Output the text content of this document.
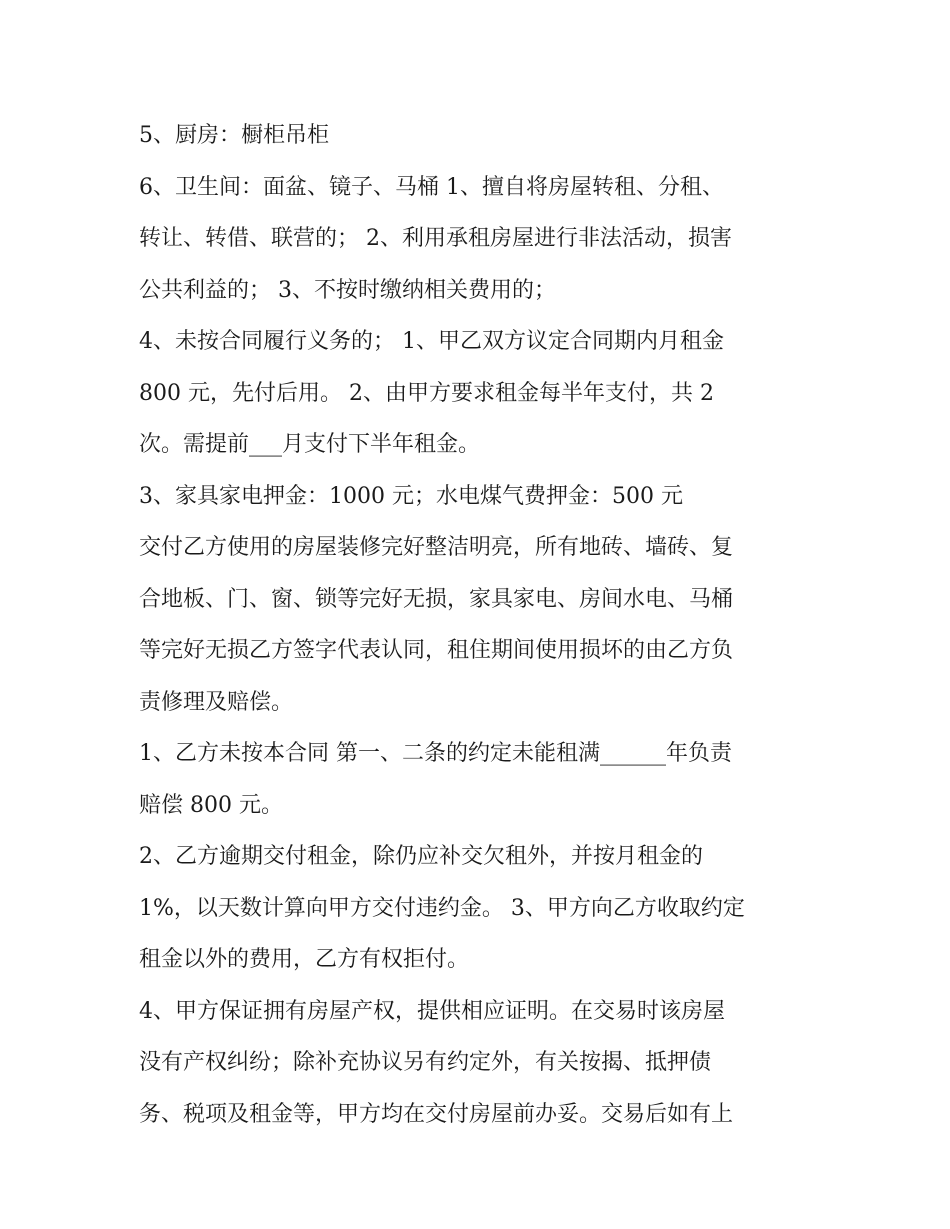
5、厨房：橱柜吊柜
6、卫生间：面盆、镜子、马桶 1、擅自将房屋转租、分租、
转让、转借、联营的； 2、利用承租房屋进行非法活动，损害
公共利益的； 3、不按时缴纳相关费用的；
4、未按合同履行义务的； 1、甲乙双方议定合同期内月租金
800 元，先付后用。 2、由甲方要求租金每半年支付，共 2
次。需提前___月支付下半年租金。
3、家具家电押金：1000 元；水电煤气费押金：500 元
交付乙方使用的房屋装修完好整洁明亮，所有地砖、墙砖、复
合地板、门、窗、锁等完好无损，家具家电、房间水电、马桶
等完好无损乙方签字代表认同，租住期间使用损坏的由乙方负
责修理及赔偿。
1、乙方未按本合同 第一、二条的约定未能租满______年负责
赔偿 800 元。
2、乙方逾期交付租金，除仍应补交欠租外，并按月租金的
1%，以天数计算向甲方交付违约金。 3、甲方向乙方收取约定
租金以外的费用，乙方有权拒付。
4、甲方保证拥有房屋产权，提供相应证明。在交易时该房屋
没有产权纠纷；除补充协议另有约定外，有关按揭、抵押债
务、税项及租金等，甲方均在交付房屋前办妥。交易后如有上
